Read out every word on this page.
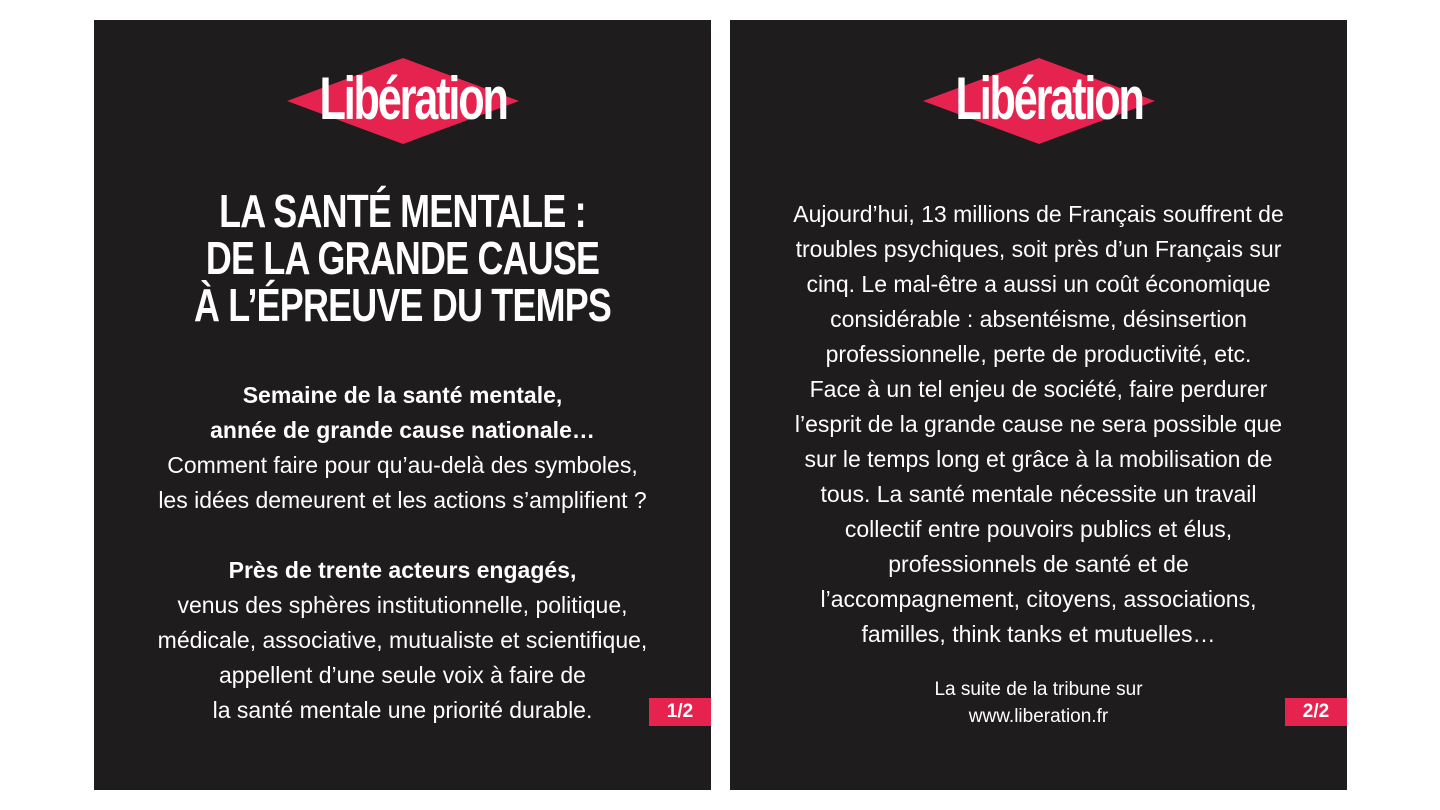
Libération
LA SANTÉ MENTALE :
DE LA GRANDE CAUSE
À L’ÉPREUVE DU TEMPS
Semaine de la santé mentale,
année de grande cause nationale…
Comment faire pour qu’au-delà des symboles,
les idées demeurent et les actions s’amplifient ?
Près de trente acteurs engagés,
venus des sphères institutionnelle, politique,
médicale, associative, mutualiste et scientifique,
appellent d’une seule voix à faire de
la santé mentale une priorité durable.	1/2
Libération
Aujourd’hui, 13 millions de Français souffrent de
troubles psychiques, soit près d’un Français sur
cinq. Le mal-être a aussi un coût économique
considérable : absentéisme, désinsertion
professionnelle, perte de productivité, etc.
Face à un tel enjeu de société, faire perdurer
l’esprit de la grande cause ne sera possible que
sur le temps long et grâce à la mobilisation de
tous. La santé mentale nécessite un travail
collectif entre pouvoirs publics et élus,
professionnels de santé et de
l’accompagnement, citoyens, associations,
familles, think tanks et mutuelles…
La suite de la tribune sur
www.liberation.fr	2/2
